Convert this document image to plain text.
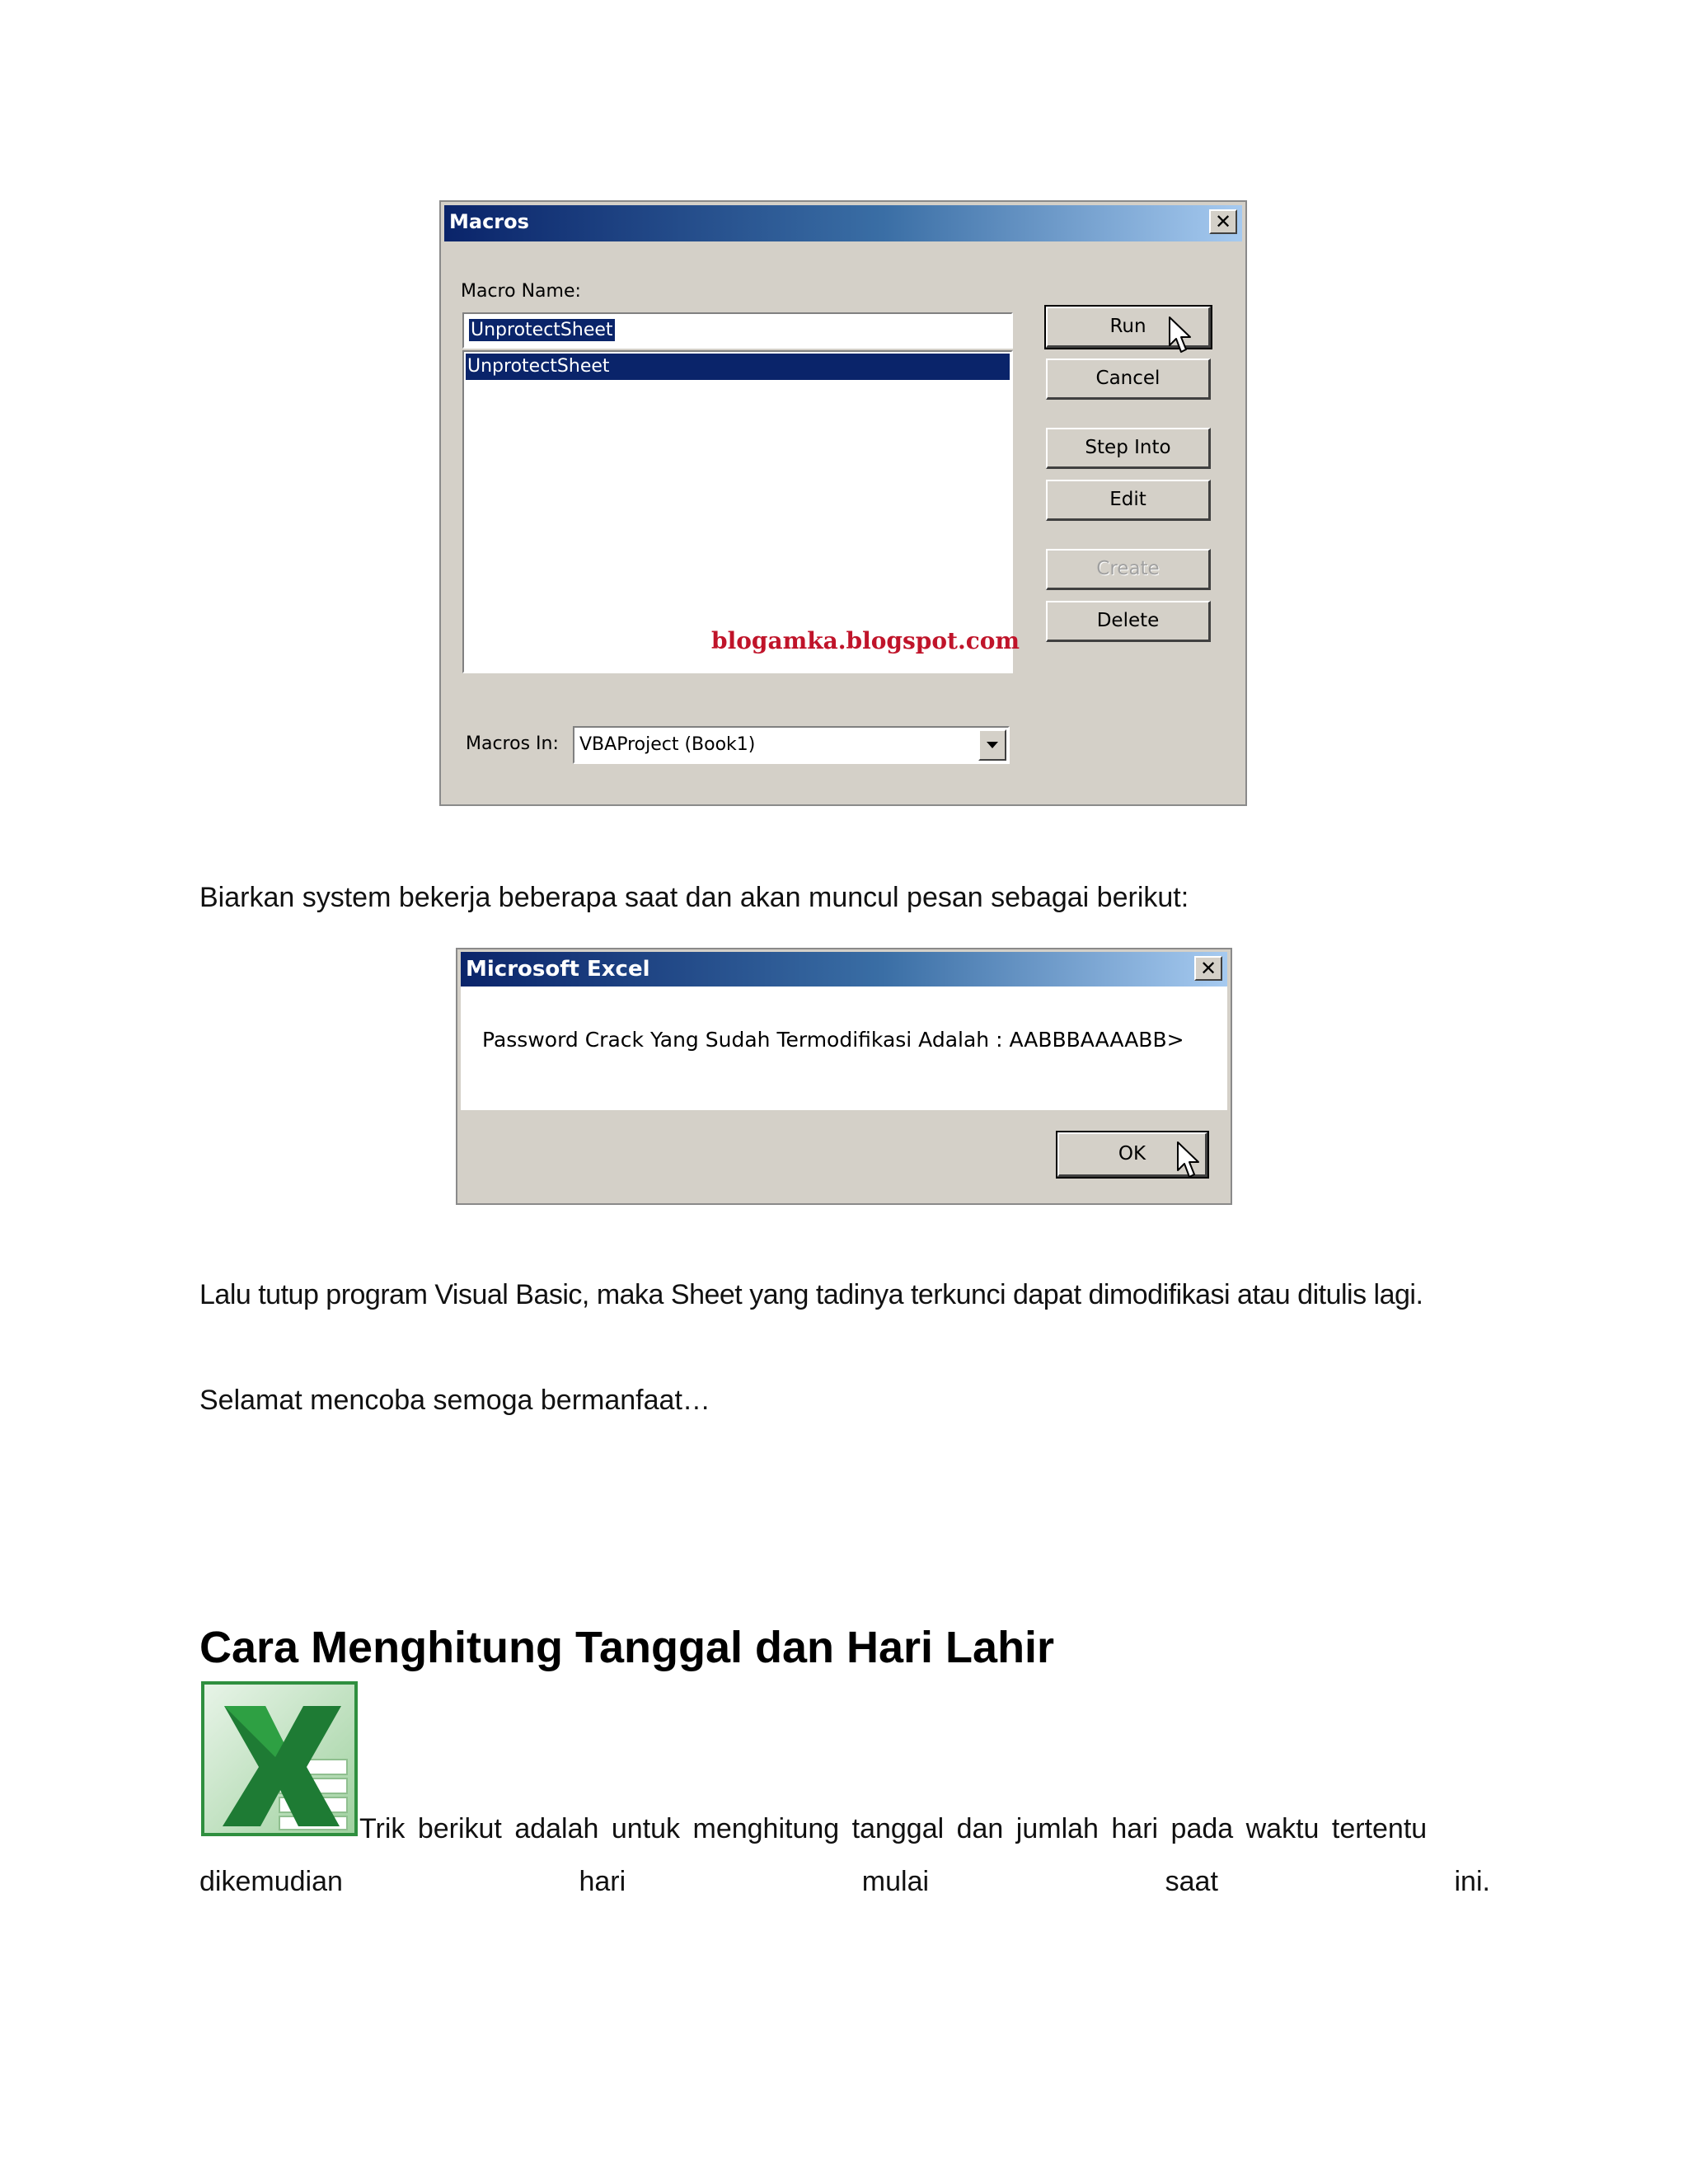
Macros	✕
Macro Name:
UnprotectSheet
UnprotectSheet
blogamka.blogspot.com
Run
Cancel
Step Into
Edit
Create
Delete
Macros In: VBAProject (Book1)
Biarkan system bekerja beberapa saat dan akan muncul pesan sebagai berikut:
Microsoft Excel	✕
Password Crack Yang Sudah Termodifikasi Adalah : AABBBAAAABB>
OK
Lalu tutup program Visual Basic, maka Sheet yang tadinya terkunci dapat dimodifikasi atau ditulis lagi.
Selamat mencoba semoga bermanfaat…
Cara Menghitung Tanggal dan Hari Lahir
Trik berikut adalah untuk menghitung tanggal dan jumlah hari pada waktu tertentu
dikemudian	hari	mulai	saat	ini.
